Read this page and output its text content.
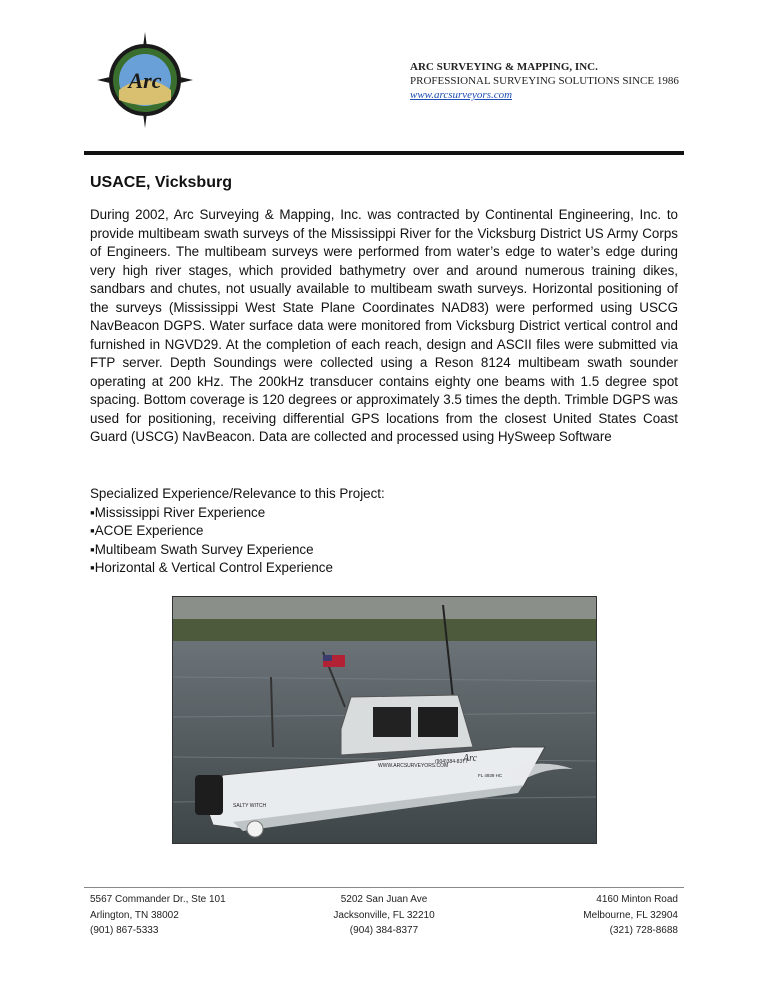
Arc
ARC SURVEYING & MAPPING, INC.
PROFESSIONAL SURVEYING SOLUTIONS SINCE 1986
www.arcsurveyors.com
USACE, Vicksburg
During 2002, Arc Surveying & Mapping, Inc. was contracted by Continental Engineering, Inc. to provide multibeam swath surveys of the Mississippi River for the Vicksburg District US Army Corps of Engineers. The multibeam surveys were performed from water’s edge to water’s edge during very high river stages, which provided bathymetry over and around numerous training dikes, sandbars and chutes, not usually available to multibeam swath surveys. Horizontal positioning of the surveys (Mississippi West State Plane Coordinates NAD83) were performed using USCG NavBeacon DGPS. Water surface data were monitored from Vicksburg District vertical control and furnished in NGVD29. At the completion of each reach, design and ASCII files were submitted via FTP server. Depth Soundings were collected using a Reson 8124 multibeam swath sounder operating at 200 kHz. The 200kHz transducer contains eighty one beams with 1.5 degree spot spacing. Bottom coverage is 120 degrees or approximately 3.5 times the depth. Trimble DGPS was used for positioning, receiving differential GPS locations from the closest United States Coast Guard (USCG) NavBeacon. Data are collected and processed using HySweep Software
Specialized Experience/Relevance to this Project:
▪Mississippi River Experience
▪ACOE Experience
▪Multibeam Swath Survey Experience
▪Horizontal & Vertical Control Experience
WWW.ARCSURVEYORS.COM
(904)384-8377
Arc
SALTY WITCH
FL 4939 HC
5567 Commander Dr., Ste 101
Arlington, TN 38002
(901) 867-5333
5202 San Juan Ave
Jacksonville, FL 32210
(904) 384-8377
4160 Minton Road
Melbourne, FL 32904
(321) 728-8688
